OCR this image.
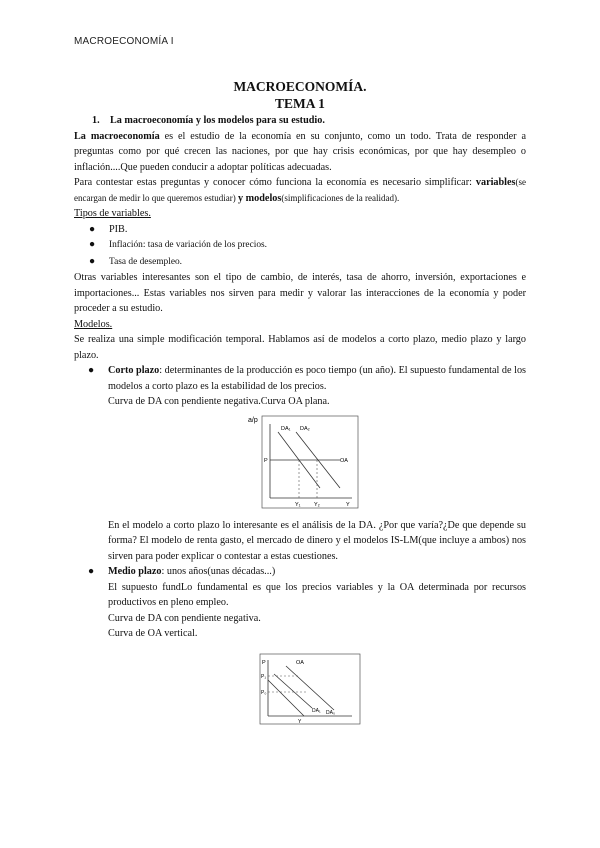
MACROECONOMÍA I
MACROECONOMÍA.
TEMA 1
1. La macroeconomía y los modelos para su estudio.

La macroeconomía es el estudio de la economía en su conjunto, como un todo. Trata de responder a preguntas como por qué crecen las naciones, por que hay crisis económicas, por que hay desempleo o inflación....Que pueden conducir a adoptar políticas adecuadas.

Para contestar estas preguntas y conocer cómo funciona la economía es necesario simplificar: variables(se encargan de medir lo que queremos estudiar) y modelos(simplificaciones de la realidad).

Tipos de variables.
● PIB.
● Inflación: tasa de variación de los precios.
● Tasa de desempleo.

Otras variables interesantes son el tipo de cambio, de interés, tasa de ahorro, inversión, exportaciones e importaciones... Estas variables nos sirven para medir y valorar las interacciones de la economía y poder proceder a su estudio.

Modelos.

Se realiza una simple modificación temporal. Hablamos así de modelos a corto plazo, medio plazo y largo plazo.

● Corto plazo: determinantes de la producción es poco tiempo (un año). El supuesto fundamental de los modelos a corto plazo es la estabilidad de los precios.

Curva de DA con pendiente negativa.Curva OA plana.
a/p
DA₁ DA₂
P	OA
Y₁ Y₂	Y

En el modelo a corto plazo lo interesante es el análisis de la DA. ¿Por que varía?¿De que depende su forma? El modelo de renta gasto, el mercado de dinero y el modelos IS-LM(que incluye a ambos) nos sirven para poder explicar o contestar a estas cuestiones.

● Medio plazo: unos años(unas décadas...)

El supuesto fundLo fundamental es que los precios variables y la OA determinada por recursos productivos en pleno empleo.

Curva de DA con pendiente negativa.
Curva de OA vertical.
P	OA
P₁
P₀
DA₁ DA₀
Y
